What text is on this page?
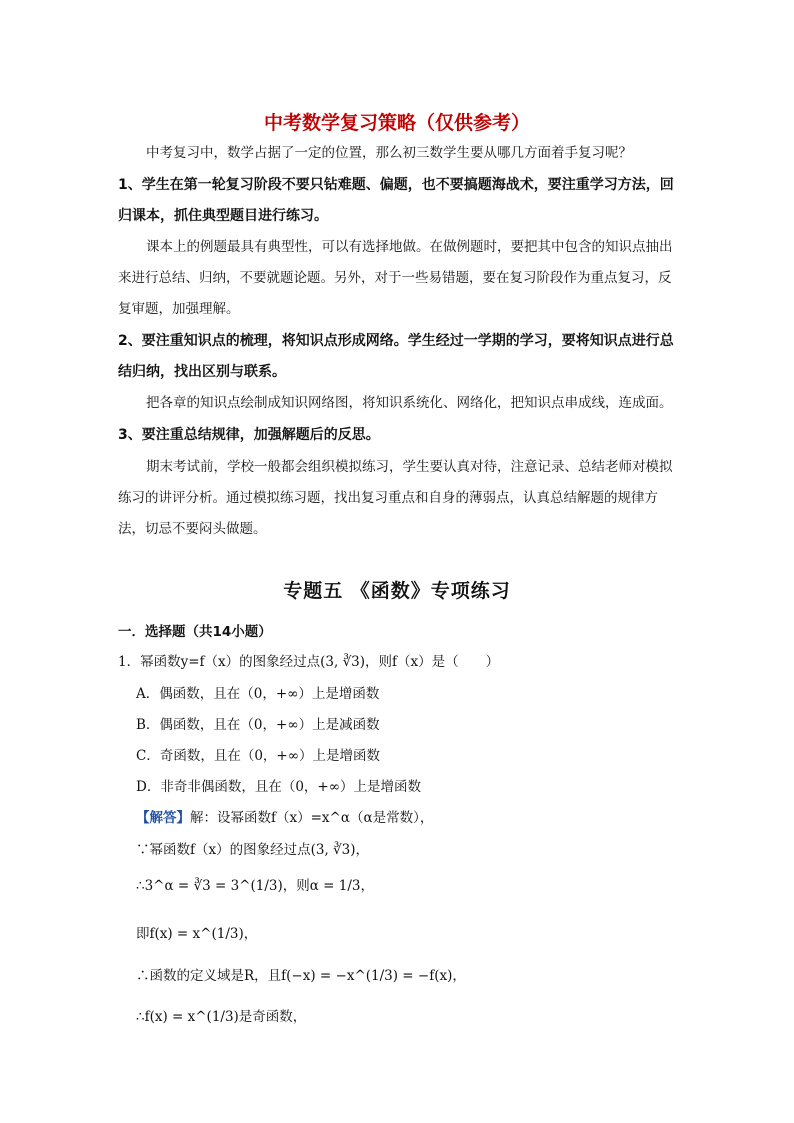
中考数学复习策略（仅供参考）
中考复习中，数学占据了一定的位置，那么初三数学生要从哪几方面着手复习呢？
1、学生在第一轮复习阶段不要只钻难题、偏题，也不要搞题海战术，要注重学习方法，回归课本，抓住典型题目进行练习。
课本上的例题最具有典型性，可以有选择地做。在做例题时，要把其中包含的知识点抽出来进行总结、归纳，不要就题论题。另外，对于一些易错题，要在复习阶段作为重点复习，反复审题，加强理解。
2、要注重知识点的梳理，将知识点形成网络。学生经过一学期的学习，要将知识点进行总结归纳，找出区别与联系。
把各章的知识点绘制成知识网络图，将知识系统化、网络化，把知识点串成线，连成面。
3、要注重总结规律，加强解题后的反思。
期末考试前，学校一般都会组织模拟练习，学生要认真对待，注意记录、总结老师对模拟练习的讲评分析。通过模拟练习题，找出复习重点和自身的薄弱点，认真总结解题的规律方法，切忌不要闷头做题。
专题五 《函数》专项练习
一．选择题（共14小题）
1．幂函数y=f（x）的图象经过点(3, ∛3)，则f（x）是（　　）
A．偶函数，且在（0，+∞）上是增函数
B．偶函数，且在（0，+∞）上是减函数
C．奇函数，且在（0，+∞）上是增函数
D．非奇非偶函数，且在（0，+∞）上是增函数
【解答】解：设幂函数f（x）=x^α（α是常数），
∵幂函数f（x）的图象经过点(3, ∛3)，
∴3^α = ∛3 = 3^(1/3)，则α = 1/3，
即f(x) = x^(1/3)，
∴函数的定义域是R，且f(−x) = −x^(1/3) = −f(x)，
∴f(x) = x^(1/3)是奇函数，
